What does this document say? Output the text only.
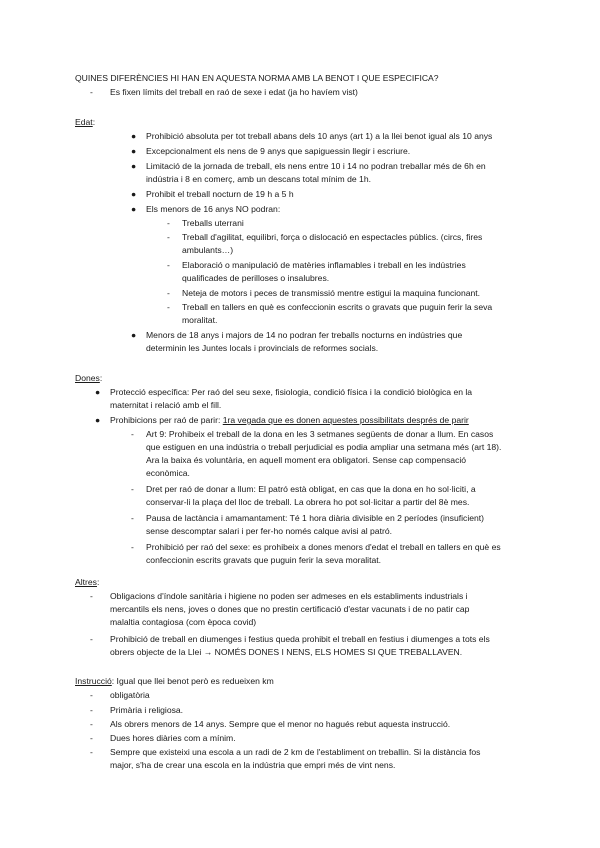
QUINES DIFERÈNCIES HI HAN EN AQUESTA NORMA AMB LA BENOT I QUE ESPECIFICA?
- Es fixen límits del treball en raó de sexe i edat (ja ho havíem vist)
Edat:
● Prohibició absoluta per tot treball abans dels 10 anys (art 1) a la llei benot igual als 10 anys
● Excepcionalment els nens de 9 anys que sapiguessin llegir i escriure.
● Limitació de la jornada de treball, els nens entre 10 i 14 no podran treballar més de 6h en
indústria i 8 en comerç, amb un descans total mínim de 1h.
● Prohibit el treball nocturn de 19 h a 5 h
● Els menors de 16 anys NO podran:
- Treballs uterrani
- Treball d'agilitat, equilibri, força o dislocació en espectacles públics. (circs, fires
ambulants…)
- Elaboració o manipulació de matèries inflamables i treball en les indústries
qualificades de perilloses o insalubres.
- Neteja de motors i peces de transmissió mentre estigui la maquina funcionant.
- Treball en tallers en què es confeccionin escrits o gravats que puguin ferir la seva
moralitat.
● Menors de 18 anys i majors de 14 no podran fer treballs nocturns en indústries que
determinin les Juntes locals i provincials de reformes socials.
Dones:
● Protecció específica: Per raó del seu sexe, fisiologia, condició física i la condició biològica en la
maternitat i relació amb el fill.
● Prohibicions per raó de parir: 1ra vegada que es donen aquestes possibilitats després de parir
- Art 9: Prohibeix el treball de la dona en les 3 setmanes següents de donar a llum. En casos
que estiguen en una indústria o treball perjudicial es podia ampliar una setmana més (art 18).
Ara la baixa és voluntària, en aquell moment era obligatori. Sense cap compensació
econòmica.
- Dret per raó de donar a llum: El patró està obligat, en cas que la dona en ho sol·liciti, a
conservar-li la plaça del lloc de treball. La obrera ho pot sol·licitar a partir del 8è mes.
- Pausa de lactància i amamantament: Té 1 hora diària divisible en 2 períodes (insuficient)
sense descomptar salari i per fer-ho només calque avisi al patró.
- Prohibició per raó del sexe: es prohibeix a dones menors d'edat el treball en tallers en què es
confeccionin escrits gravats que puguin ferir la seva moralitat.
Altres:
- Obligacions d'índole sanitària i higiene no poden ser admeses en els establiments industrials i
mercantils els nens, joves o dones que no prestin certificació d'estar vacunats i de no patir cap
malaltia contagiosa (com època covid)
- Prohibició de treball en diumenges i festius queda prohibit el treball en festius i diumenges a tots els
obrers objecte de la Llei → NOMÉS DONES I NENS, ELS HOMES SI QUE TREBALLAVEN.
Instrucció: Igual que llei benot però es redueixen km
- obligatòria
- Primària i religiosa.
- Als obrers menors de 14 anys. Sempre que el menor no hagués rebut aquesta instrucció.
- Dues hores diàries com a mínim.
- Sempre que existeixi una escola a un radi de 2 km de l'establiment on treballin. Si la distància fos
major, s'ha de crear una escola en la indústria que empri més de vint nens.
